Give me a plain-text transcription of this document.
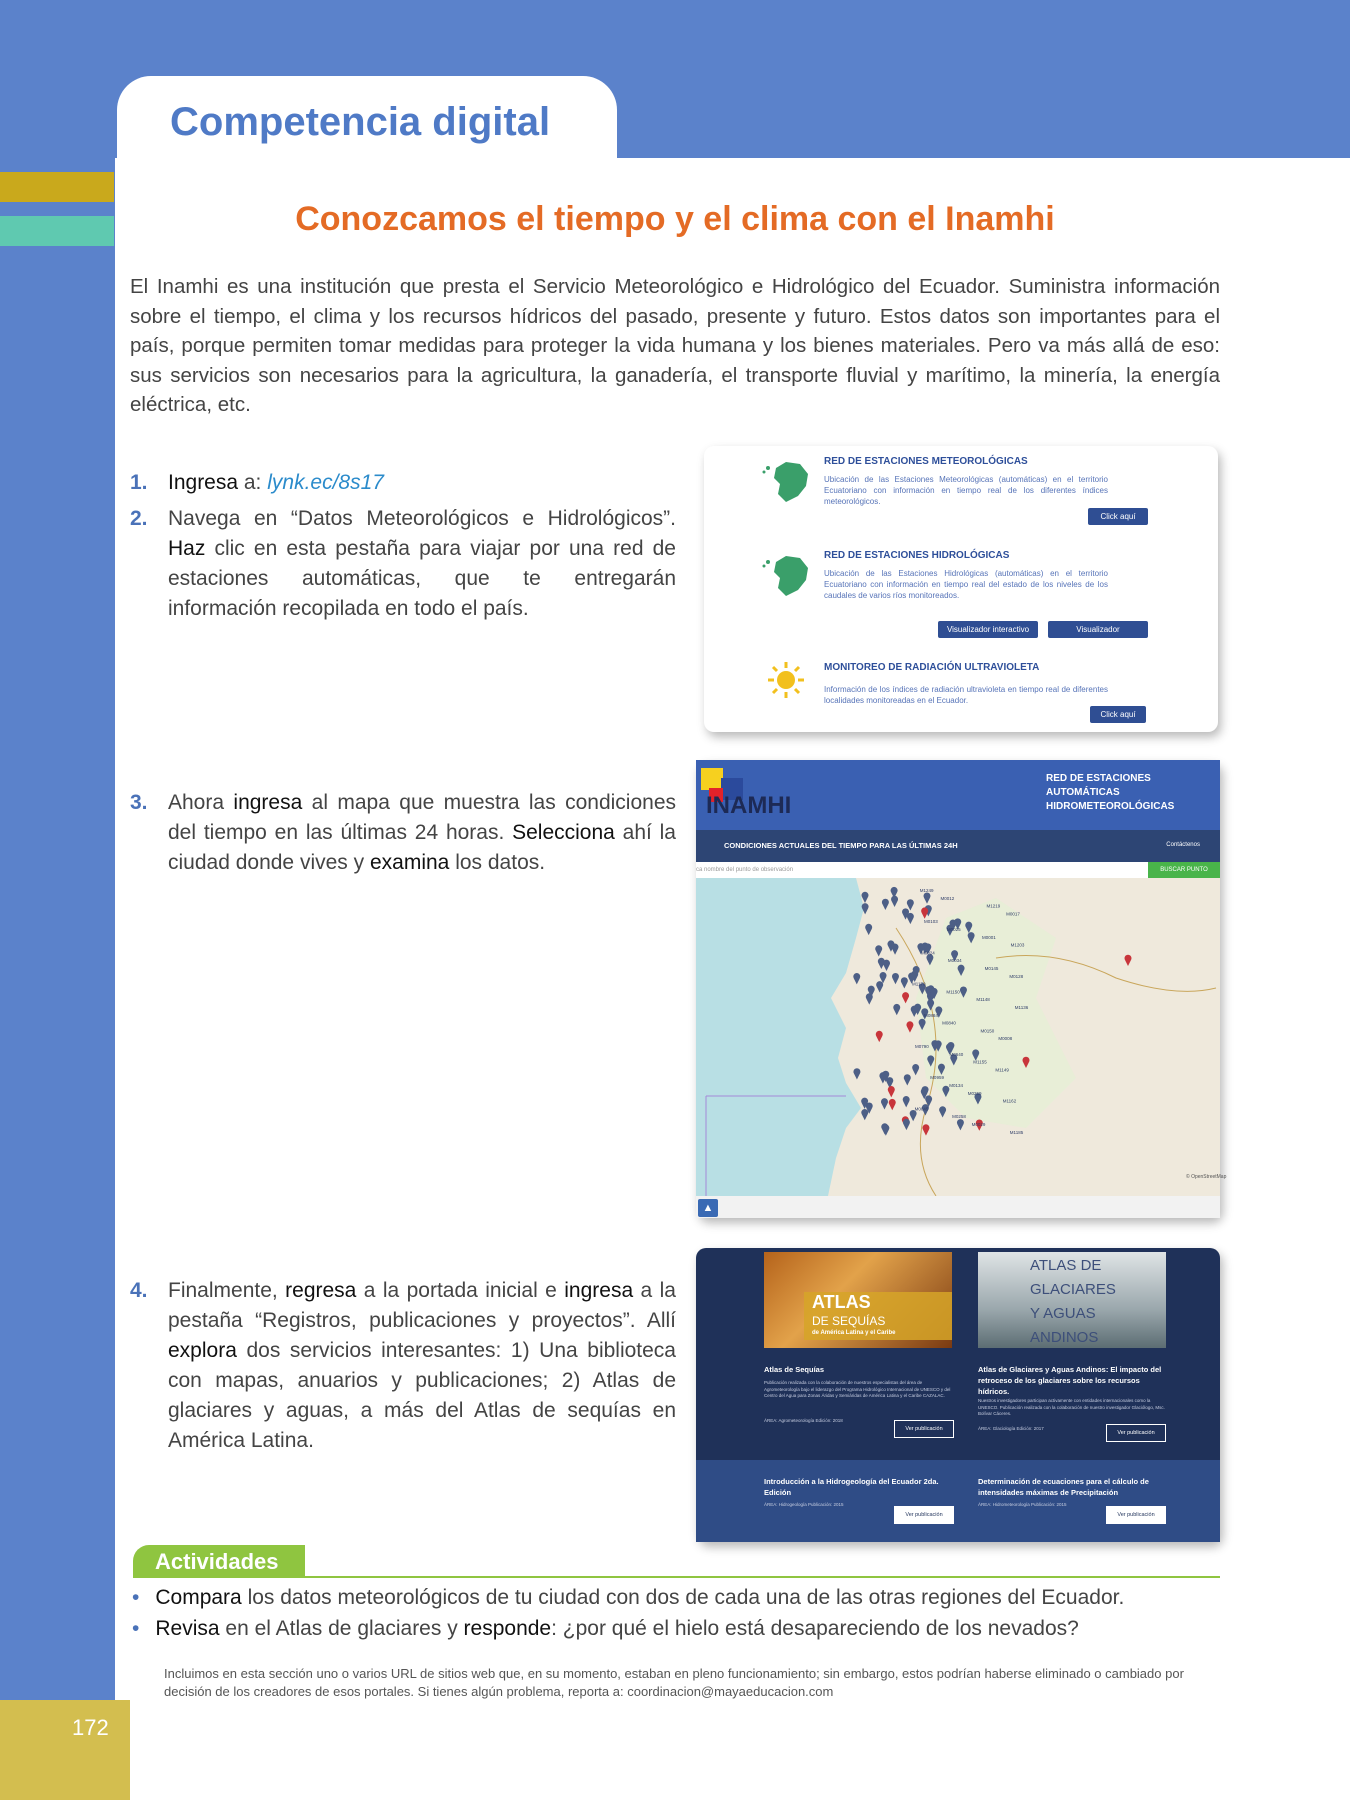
Competencia digital
172
Conozcamos el tiempo y el clima con el Inamhi
El Inamhi es una institución que presta el Servicio Meteorológico e Hidrológico del Ecuador. Suministra información sobre el tiempo, el clima y los recursos hídricos del pasado, presente y futuro. Estos datos son importantes para el país, porque permiten tomar medidas para proteger la vida humana y los bienes materiales. Pero va más allá de eso: sus servicios son necesarios para la agricultura, la ganadería, el transporte fluvial y marítimo, la minería, la energía eléctrica, etc.
1. Ingresa a: lynk.ec/8s17
2. Navega en “Datos Meteorológicos e Hidrológicos”. Haz clic en esta pestaña para viajar por una red de estaciones automáticas, que te entregarán información recopilada en todo el país.
3. Ahora ingresa al mapa que muestra las condiciones del tiempo en las últimas 24 horas. Selecciona ahí la ciudad donde vives y examina los datos.
4. Finalmente, regresa a la portada inicial e ingresa a la pestaña “Registros, publicaciones y proyectos”. Allí explora dos servicios interesantes: 1) Una biblioteca con mapas, anuarios y publicaciones; 2) Atlas de glaciares y aguas, a más del Atlas de sequías en América Latina.
RED DE ESTACIONES METEOROLÓGICAS
Ubicación de las Estaciones Meteorológicas (automáticas) en el territorio Ecuatoriano con información en tiempo real de los diferentes índices meteorológicos.
Click aquí
RED DE ESTACIONES HIDROLÓGICAS
Ubicación de las Estaciones Hidrológicas (automáticas) en el territorio Ecuatoriano con información en tiempo real del estado de los niveles de los caudales de varios ríos monitoreados.
Visualizador interactivo	Visualizador
MONITOREO DE RADIACIÓN ULTRAVIOLETA
Información de los índices de radiación ultravioleta en tiempo real de diferentes localidades monitoreadas en el Ecuador.
Click aquí
INAMHI
RED DE ESTACIONES AUTOMÁTICAS HIDROMETEOROLÓGICAS
CONDICIONES ACTUALES DEL TIEMPO PARA LAS ÚLTIMAS 24H	Contáctenos
ca nombre del punto de observación	BUSCAR PUNTO
M1249
M0012
M1219
M0017
M0103
M0025
M0001
M1203
M0024
M0034
M0145
M0128
M1170
M1150
M1148
M1136
M0884
M0840
M0150
M0008
M0790
M0640
M1155
M1149
M0959
M0134
M0269
M1162
M0045
M0258
M0029
M1185
© OpenStreetMap
▲
ATLAS
DE SEQUÍAS
de América Latina y el Caribe
ATLAS DE
GLACIARES
Y AGUAS
ANDINOS
Atlas de Sequías
Publicación realizada con la colaboración de nuestros especialistas del área de Agrometeorología bajo el liderazgo del Programa Hidrológico Internacional de UNESCO y del Centro del Agua para Zonas Áridas y Semiáridas de América Latina y el Caribe CAZALAC.
ÁREA: Agrometeorología Edición: 2018
Ver publicación
Atlas de Glaciares y Aguas Andinos: El impacto del retroceso de los glaciares sobre los recursos hídricos.
Nuestros investigadores participan activamente con entidades internacionales como la UNESCO. Publicación realizada con la colaboración de nuestro investigador Glaciólogo, Msc. Bolívar Cáceres.
ÁREA: Glaciología Edición: 2017
Ver publicación
Introducción a la Hidrogeología del Ecuador 2da. Edición
ÁREA: Hidrogeología Publicación: 2015
Ver publicación
Determinación de ecuaciones para el cálculo de intensidades máximas de Precipitación
ÁREA: Hidrometeorología Publicación: 2015
Ver publicación
Actividades
• Compara los datos meteorológicos de tu ciudad con dos de cada una de las otras regiones del Ecuador.
• Revisa en el Atlas de glaciares y responde: ¿por qué el hielo está desapareciendo de los nevados?
Incluimos en esta sección uno o varios URL de sitios web que, en su momento, estaban en pleno funcionamiento; sin embargo, estos podrían haberse eliminado o cambiado por decisión de los creadores de esos portales. Si tienes algún problema, reporta a: coordinacion@mayaeducacion.com
